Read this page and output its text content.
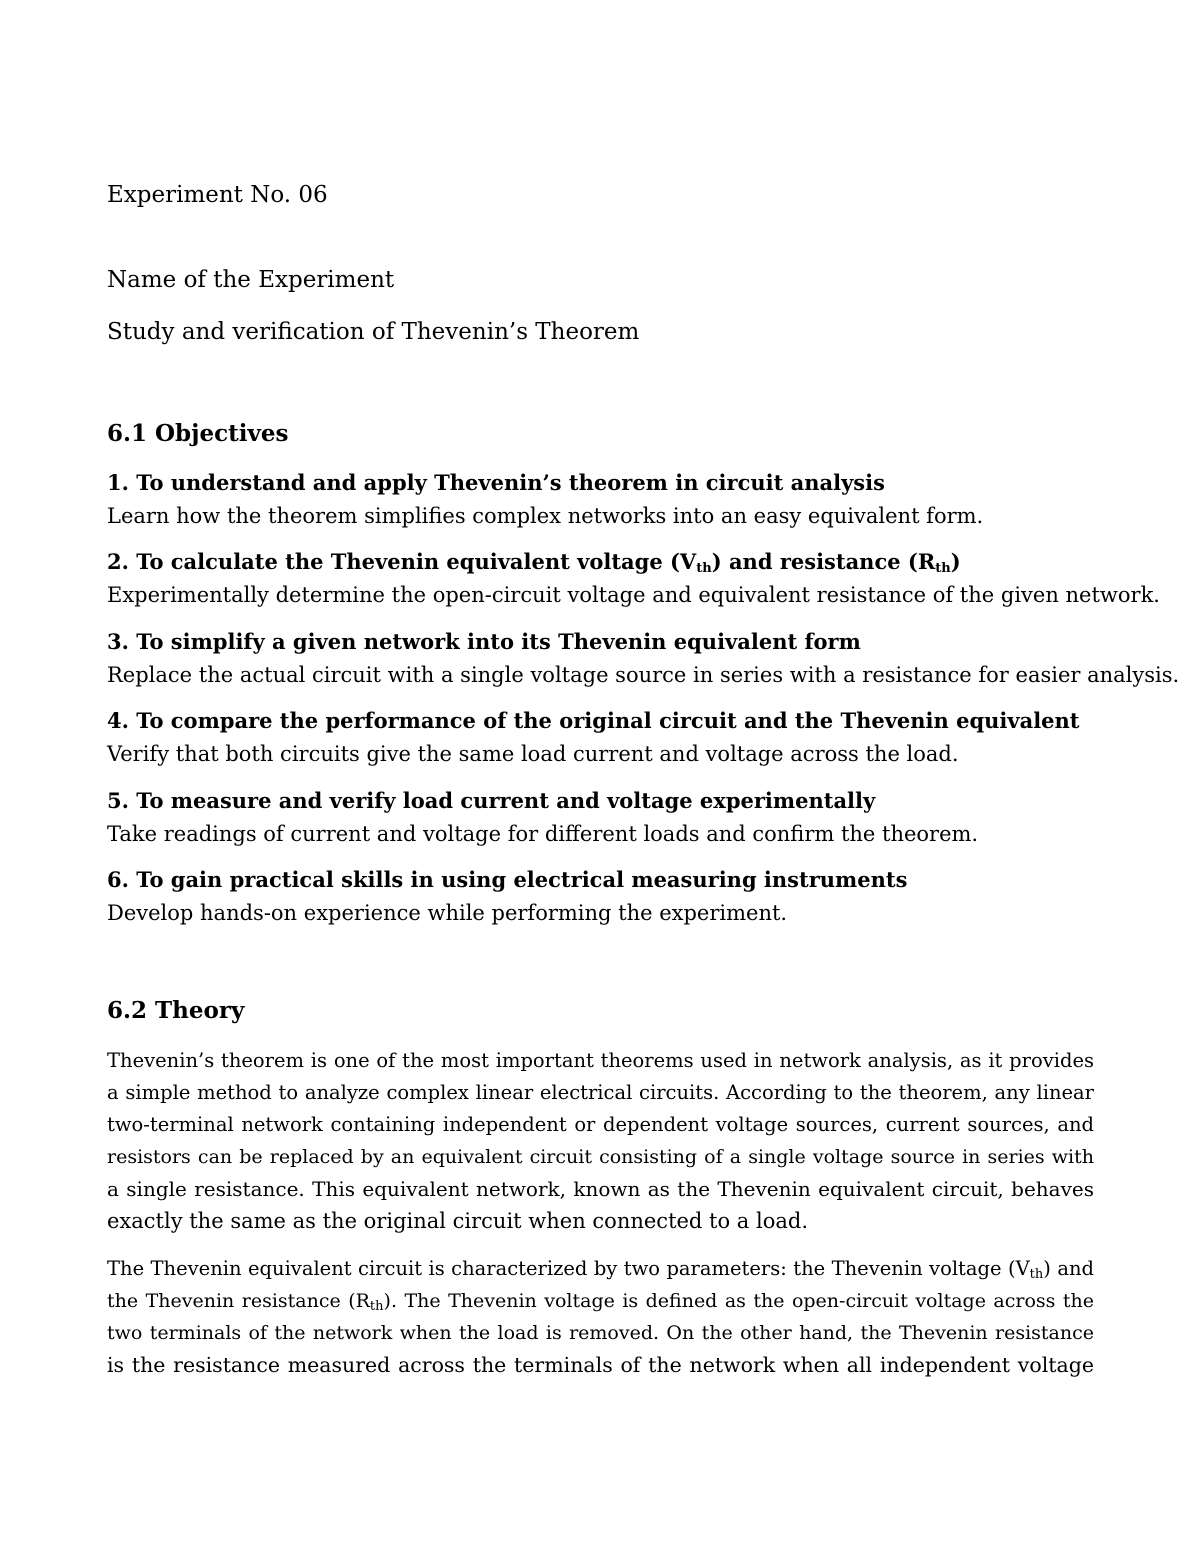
Experiment No. 06
Name of the Experiment
Study and verification of Thevenin’s Theorem
6.1 Objectives
1. To understand and apply Thevenin’s theorem in circuit analysis
Learn how the theorem simplifies complex networks into an easy equivalent form.
2. To calculate the Thevenin equivalent voltage $(V_{th})$ and resistance $(R_{th})$
Experimentally determine the open-circuit voltage and equivalent resistance of the given network.
3. To simplify a given network into its Thevenin equivalent form
Replace the actual circuit with a single voltage source in series with a resistance for easier analysis.
4. To compare the performance of the original circuit and the Thevenin equivalent
Verify that both circuits give the same load current and voltage across the load.
5. To measure and verify load current and voltage experimentally
Take readings of current and voltage for different loads and confirm the theorem.
6. To gain practical skills in using electrical measuring instruments
Develop hands-on experience while performing the experiment.
6.2 Theory
Thevenin’s theorem is one of the most important theorems used in network analysis, as it provides
a simple method to analyze complex linear electrical circuits. According to the theorem, any linear
two-terminal network containing independent or dependent voltage sources, current sources, and
resistors can be replaced by an equivalent circuit consisting of a single voltage source in series with
a single resistance. This equivalent network, known as the Thevenin equivalent circuit, behaves
exactly the same as the original circuit when connected to a load.
The Thevenin equivalent circuit is characterized by two parameters: the Thevenin voltage $(V_{th})$ and
the Thevenin resistance $(R_{th})$. The Thevenin voltage is defined as the open-circuit voltage across the
two terminals of the network when the load is removed. On the other hand, the Thevenin resistance
is the resistance measured across the terminals of the network when all independent voltage
